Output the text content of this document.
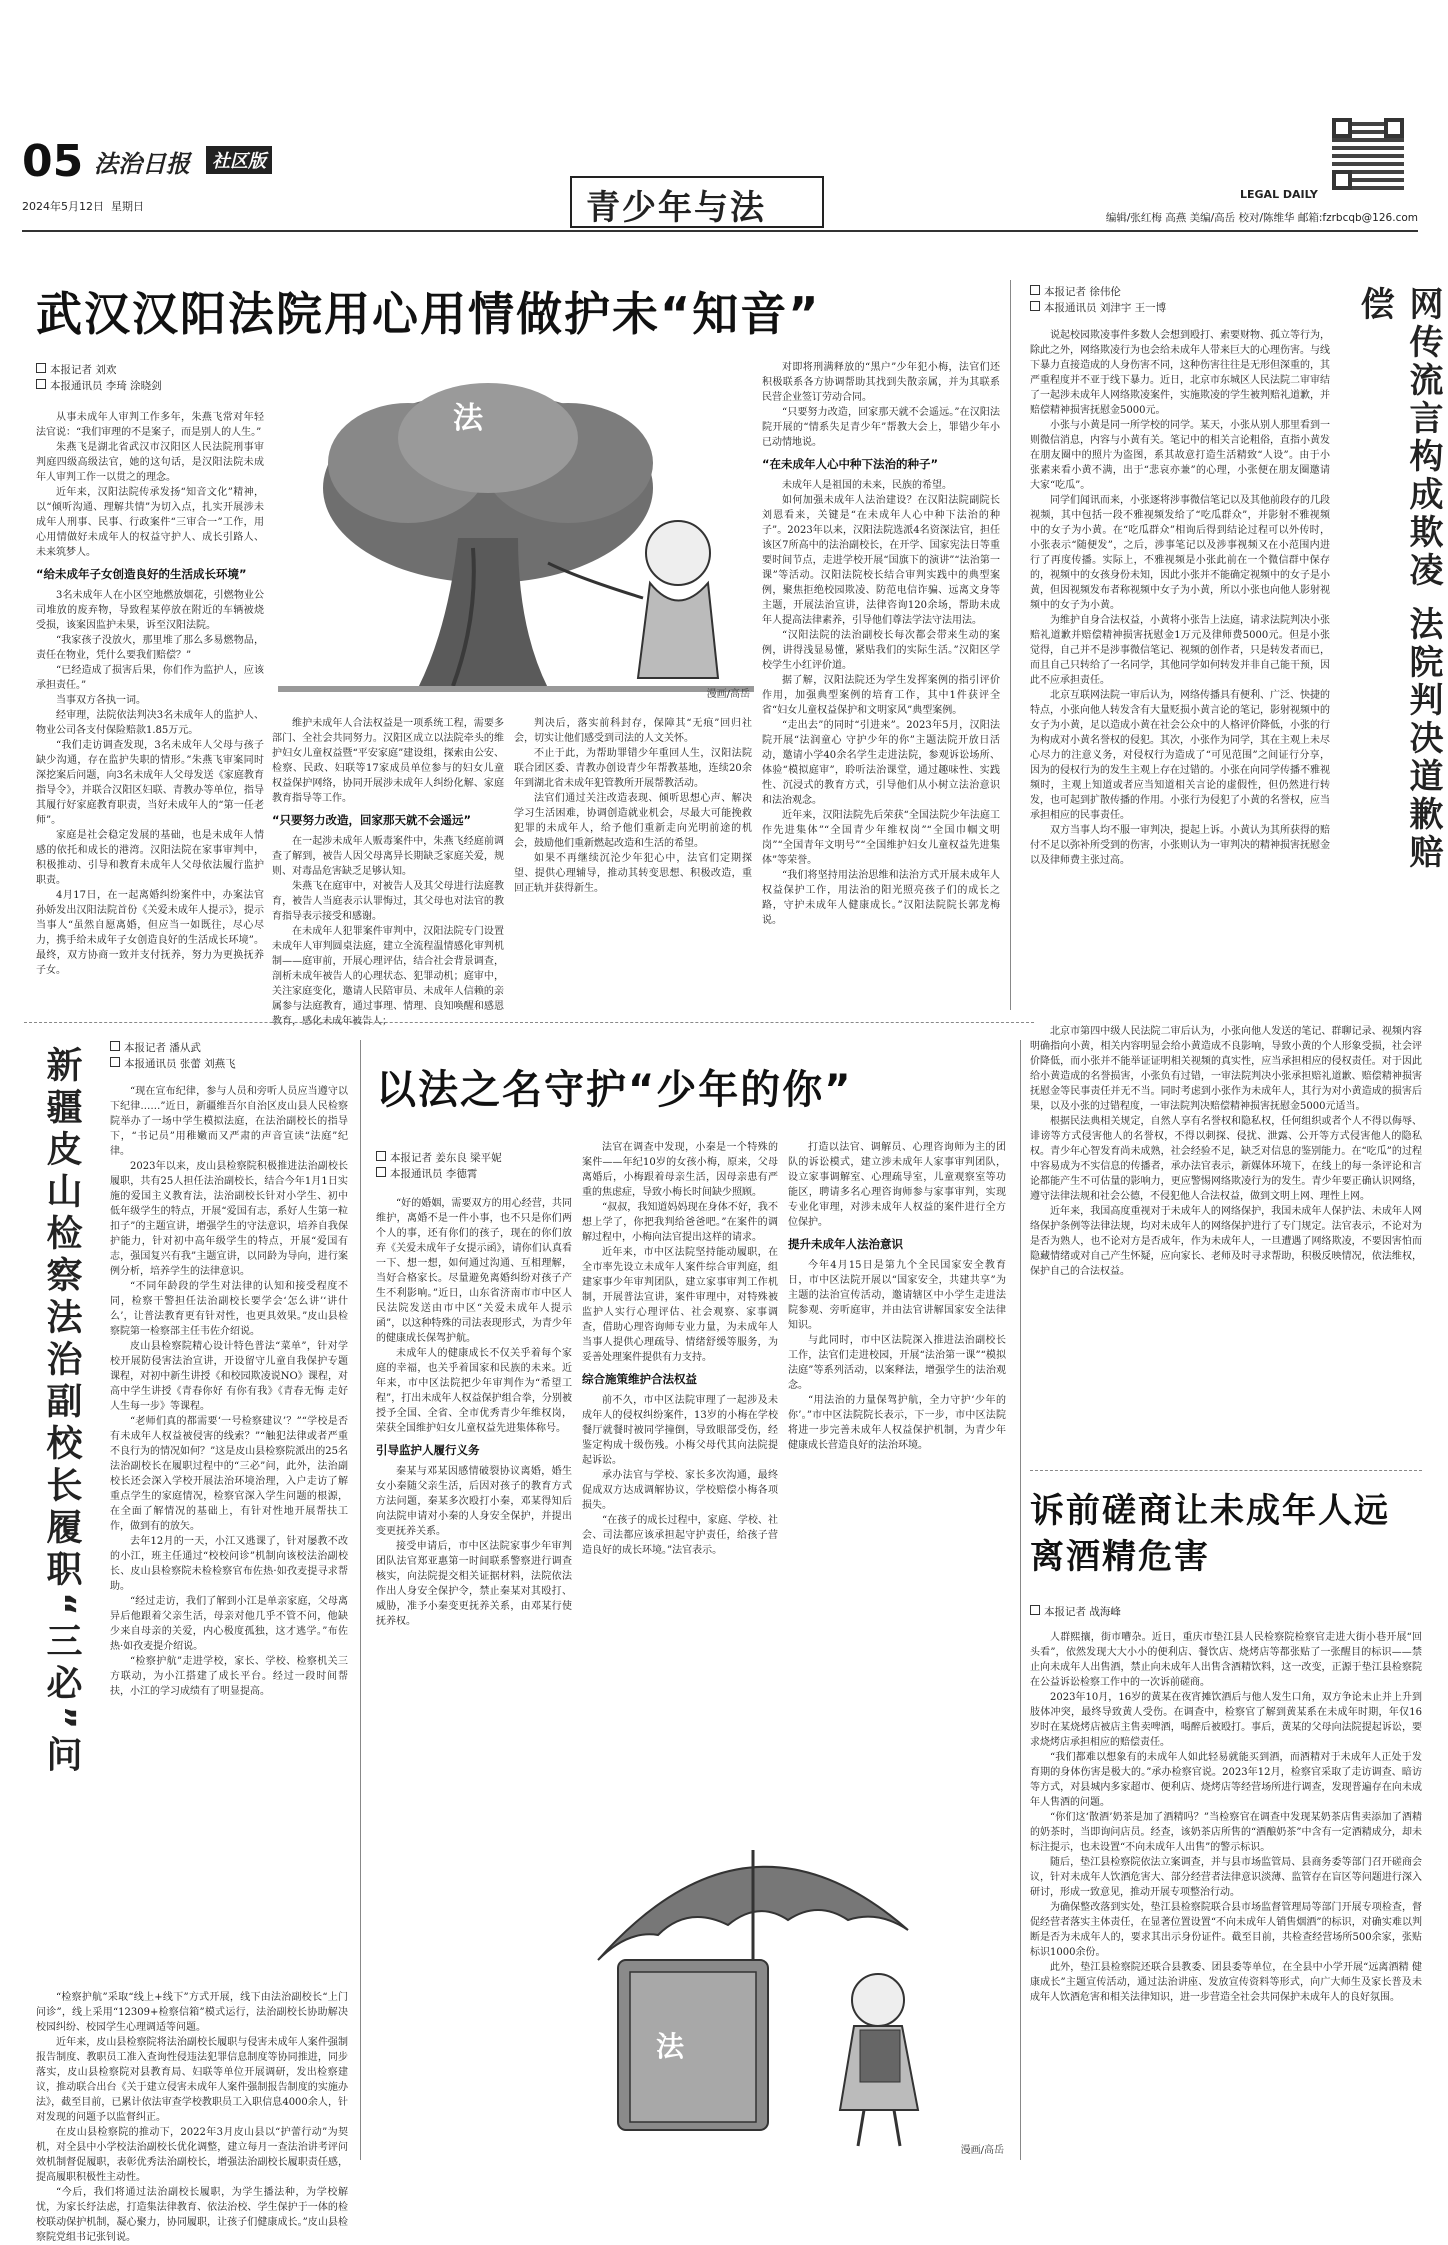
05 法治日报	社区版
2024年5月12日 星期日	青少年与法	LEGAL DAILY
编辑/张红梅 高燕 美编/高岳 校对/陈维华 邮箱:fzrbcqb@126.com
武汉汉阳法院用心用情做护未“知音”
本报记者 刘欢
本报通讯员 李琦 涂晓剑

从事未成年人审判工作多年，朱燕飞常对年轻法官说：“我们审理的不是案子，而是别人的人生。”

朱燕飞是湖北省武汉市汉阳区人民法院刑事审判庭四级高级法官，她的这句话，是汉阳法院未成年人审判工作一以贯之的理念。

近年来，汉阳法院传承发扬“知音文化”精神，以“倾听沟通、理解共情”为切入点，扎实开展涉未成年人刑事、民事、行政案件“三审合一”工作，用心用情做好未成年人的权益守护人、成长引路人、未来筑梦人。

“给未成年子女创造良好的生活成长环境”

3名未成年人在小区空地燃放烟花，引燃物业公司堆放的废弃物，导致程某停放在附近的车辆被烧受损，该案因监护未果，诉至汉阳法院。

“我家孩子没放火，那里堆了那么多易燃物品，责任在物业，凭什么要我们赔偿？”

“已经造成了损害后果，你们作为监护人，应该承担责任。”

当事双方各执一词。

经审理，法院依法判决3名未成年人的监护人、物业公司各支付保险赔款1.85万元。

“我们走访调查发现，3名未成年人父母与孩子缺少沟通，存在监护失职的情形。”朱燕飞审案同时深挖案后问题，向3名未成年人父母发送《家庭教育指导令》，并联合汉阳区妇联、青教办等单位，指导其履行好家庭教育职责，当好未成年人的“第一任老师”。

家庭是社会稳定发展的基础，也是未成年人情感的依托和成长的港湾。汉阳法院在家事审判中，积极推动、引导和教育未成年人父母依法履行监护职责。

4月17日，在一起离婚纠纷案件中，办案法官孙娇发出汉阳法院首份《关爱未成年人提示》，提示当事人“虽然自愿离婚，但应当一如既往，尽心尽力，携手给未成年子女创造良好的生活成长环境”。最终，双方协商一致并支付抚养，努力为更换抚养子女。

法
漫画/高岳

维护未成年人合法权益是一项系统工程，需要多部门、全社会共同努力。汉阳区成立以法院牵头的维护妇女儿童权益暨“平安家庭”建设组，探索由公安、检察、民政、妇联等17家成员单位参与的妇女儿童权益保护网络，协同开展涉未成年人纠纷化解、家庭教育指导等工作。

“只要努力改造，回家那天就不会遥远”

在一起涉未成年人贩毒案件中，朱燕飞经庭前调查了解到，被告人因父母离异长期缺乏家庭关爱，规则、对毒品危害缺乏足够认知。

朱燕飞在庭审中，对被告人及其父母进行法庭教育，被告人当庭表示认罪悔过，其父母也对法官的教育指导表示接受和感谢。

在未成年人犯罪案件审判中，汉阳法院专门设置未成年人审判圆桌法庭，建立全流程温情感化审判机制——庭审前，开展心理评估，结合社会背景调查，剖析未成年被告人的心理状态、犯罪动机；庭审中，关注家庭变化，邀请人民陪审员、未成年人信赖的亲属参与法庭教育，通过事理、情理、良知唤醒和感恩教育，感化未成年被告人；

判决后，落实前科封存，保障其“无痕”回归社会，切实让他们感受到司法的人文关怀。

不止于此，为帮助罪错少年重回人生，汉阳法院联合团区委、青教办创设青少年帮教基地，连续20余年到湖北省未成年犯管教所开展帮教活动。

法官们通过关注改造表现、倾听思想心声、解决学习生活困难，协调创造就业机会，尽最大可能挽救犯罪的未成年人，给予他们重新走向光明前途的机会，鼓励他们重新燃起改造和生活的希望。

如果不再继续沉沦少年犯心中，法官们定期探望、提供心理辅导，推动其转变思想、积极改造，重回正轨并获得新生。

对即将刑满释放的“黑户”少年犯小梅，法官们还积极联系各方协调帮助其找到失散亲属，并为其联系民营企业签订劳动合同。

“只要努力改造，回家那天就不会遥远。”在汉阳法院开展的“情系失足青少年”帮教大会上，罪错少年小已动情地说。

“在未成年人心中种下法治的种子”

未成年人是祖国的未来，民族的希望。

如何加强未成年人法治建设？在汉阳法院副院长刘恩看来，关键是“在未成年人心中种下法治的种子”。2023年以来，汉阳法院选派4名资深法官，担任该区7所高中的法治副校长，在开学、国家宪法日等重要时间节点，走进学校开展“国旗下的演讲”“法治第一课”等活动。汉阳法院校长结合审判实践中的典型案例，聚焦拒绝校园欺凌、防范电信诈骗、远离文身等主题，开展法治宣讲，法律咨询120余场，帮助未成年人提高法律素养，引导他们尊法学法守法用法。

“汉阳法院的法治副校长每次都会带来生动的案例，讲得浅显易懂，紧贴我们的实际生活。”汉阳区学校学生小红评价道。

据了解，汉阳法院还为学生发挥案例的指引评价作用，加强典型案例的培育工作，其中1件获评全省“妇女儿童权益保护和文明家风”典型案例。

“走出去”的同时“引进来”。2023年5月，汉阳法院开展“法润童心 守护少年的你”主题法院开放日活动，邀请小学40余名学生走进法院，参观诉讼场所、体验“模拟庭审”，聆听法治课堂，通过趣味性、实践性、沉浸式的教育方式，引导他们从小树立法治意识和法治观念。

近年来，汉阳法院先后荣获“全国法院少年法庭工作先进集体”“全国青少年维权岗”“全国巾帼文明岗”“全国青年文明号”“全国维护妇女儿童权益先进集体”等荣誉。

“我们将坚持用法治思维和法治方式开展未成年人权益保护工作，用法治的阳光照亮孩子们的成长之路，守护未成年人健康成长。”汉阳法院院长郭龙梅说。

本报记者 徐伟伦
本报通讯员 刘津宇 王一博	网传流言构成欺凌 法院判决道歉赔偿

说起校园欺凌事件多数人会想到殴打、索要财物、孤立等行为，除此之外，网络欺凌行为也会给未成年人带来巨大的心理伤害。与线下暴力直接造成的人身伤害不同，这种伤害往往是无形但深重的，其严重程度并不亚于线下暴力。近日，北京市东城区人民法院二审审结了一起涉未成年人网络欺凌案件，实施欺凌的学生被判赔礼道歉，并赔偿精神损害抚慰金5000元。

小张与小黄是同一所学校的同学。某天，小张从别人那里看到一则微信消息，内容与小黄有关。笔记中的相关言论粗俗，直指小黄发在朋友圈中的照片为盗图，系其故意打造生活精致“人设”。由于小张素来看小黄不满，出于“悲哀亦兼”的心理，小张便在朋友圈邀请大家“吃瓜”。

同学们闻讯而来，小张逐将涉事微信笔记以及其他前段存的几段视频，其中包括一段不雅视频发给了“吃瓜群众”，并影射不雅视频中的女子为小黄。在“吃瓜群众”相询后得到结论过程可以外传时，小张表示“随便发”，之后，涉事笔记以及涉事视频又在小范围内进行了再度传播。实际上，不雅视频是小张此前在一个微信群中保存的，视频中的女孩身份未知，因此小张并不能确定视频中的女子是小黄，但因视频发布者称视频中女子为小黄，所以小张也向他人影射视频中的女子为小黄。

为维护自身合法权益，小黄将小张告上法庭，请求法院判决小张赔礼道歉并赔偿精神损害抚慰金1万元及律师费5000元。但是小张觉得，自己并不是涉事微信笔记、视频的创作者，只是转发者而已，而且自己只转给了一名同学，其他同学如何转发并非自己能干预，因此不应承担责任。

北京互联网法院一审后认为，网络传播具有便利、广泛、快捷的特点，小张向他人转发含有大量贬损小黄言论的笔记，影射视频中的女子为小黄，足以造成小黄在社会公众中的人格评价降低，小张的行为构成对小黄名誉权的侵犯。其次，小张作为同学，其在主观上未尽心尽力的注意义务，对侵权行为造成了“可见范围”之间证行分享，因为的侵权行为的发生主观上存在过错的。小张在向同学传播不雅视频时，主观上知道或者应当知道相关言论的虚假性，但仍然进行转发，也可起到扩散传播的作用。小张行为侵犯了小黄的名誉权，应当承担相应的民事责任。

双方当事人均不服一审判决，提起上诉。小黄认为其所获得的赔付不足以弥补所受到的伤害，小张则认为一审判决的精神损害抚慰金以及律师费主张过高。

北京市第四中级人民法院二审后认为，小张向他人发送的笔记、群聊记录、视频内容明确指向小黄，相关内容明显会给小黄造成不良影响，导致小黄的个人形象受损，社会评价降低，而小张并不能举证证明相关视频的真实性，应当承担相应的侵权责任。对于因此给小黄造成的名誉损害，小张负有过错，一审法院判决小张承担赔礼道歉、赔偿精神损害抚慰金等民事责任并无不当。同时考虑到小张作为未成年人，其行为对小黄造成的损害后果，以及小张的过错程度，一审法院判决赔偿精神损害抚慰金5000元适当。

根据民法典相关规定，自然人享有名誉权和隐私权，任何组织或者个人不得以侮辱、诽谤等方式侵害他人的名誉权，不得以刺探、侵扰、泄露、公开等方式侵害他人的隐私权。青少年心智发育尚未成熟，社会经验不足，缺乏对信息的鉴别能力。在“吃瓜”的过程中容易成为不实信息的传播者，承办法官表示，新媒体环境下，在线上的每一条评论和言论都能产生不可估量的影响力，更应警惕网络欺凌行为的发生。青少年要正确认识网络，遵守法律法规和社会公德，不侵犯他人合法权益，做到文明上网、理性上网。

近年来，我国高度重视对于未成年人的网络保护，我国未成年人保护法、未成年人网络保护条例等法律法规，均对未成年人的网络保护进行了专门规定。法官表示，不论对为是否为熟人，也不论对方是否成年，作为未成年人，一旦遭遇了网络欺凌，不要因害怕而隐藏情绪或对自己产生怀疑，应向家长、老师及时寻求帮助，积极反映情况，依法维权，保护自己的合法权益。

新疆皮山检察法治副校长履职“三必”问	本报记者 潘从武
本报通讯员 张蕾 刘燕飞

“现在宣布纪律，参与人员和旁听人员应当遵守以下纪律……”近日，新疆维吾尔自治区皮山县人民检察院举办了一场中学生模拟法庭，在法治副校长的指导下，“书记员”用稚嫩而又严肃的声音宣读“法庭”纪律。

2023年以来，皮山县检察院积极推进法治副校长履职，共有25人担任法治副校长，结合今年1月1日实施的爱国主义教育法，法治副校长针对小学生、初中低年级学生的特点，开展“爱国有志，系好人生第一粒扣子”的主题宣讲，增强学生的守法意识，培养自我保护能力，针对初中高年级学生的特点，开展“爱国有志，强国复兴有我”主题宣讲，以同龄为导向，进行案例分析，培养学生的法律意识。

“不同年龄段的学生对法律的认知和接受程度不同，检察干警担任法治副校长要学会‘怎么讲’‘讲什么’，让普法教育更有针对性，也更具效果。”皮山县检察院第一检察部主任韦佐介绍说。

皮山县检察院精心设计特色普法“菜单”，针对学校开展防侵害法治宣讲，开设留守儿童自我保护专题课程，对初中新生讲授《和校园欺凌说NO》课程，对高中学生讲授《青春你好 有你有我》《青春无悔 走好人生每一步》等课程。

“老师们真的都需要‘一号检察建议’？”“学校是否有未成年人权益被侵害的线索？”“触犯法律或者严重不良行为的情况如何？”这是皮山县检察院派出的25名法治副校长在履职过程中的“三必”问，此外，法治副校长还会深入学校开展法治环境治理，入户走访了解重点学生的家庭情况，检察官深入学生问题的根源，在全面了解情况的基础上，有针对性地开展帮扶工作，做到有的放矢。

去年12月的一天，小江又逃课了，针对屡教不改的小江，班主任通过“校校问诊”机制向该校法治副校长、皮山县检察院未检检察官布佐热·如孜麦提寻求帮助。

“经过走访，我们了解到小江是单亲家庭，父母离异后他跟着父亲生活，母亲对他几乎不管不问，他缺少来自母亲的关爱，内心极度孤独，这才逃学。”布佐热·如孜麦提介绍说。

“检察护航”走进学校，家长、学校、检察机关三方联动，为小江搭建了成长平台。经过一段时间帮扶，小江的学习成绩有了明显提高。

“检察护航”采取“线上+线下”方式开展，线下由法治副校长“上门问诊”，线上采用“12309+检察信箱”模式运行，法治副校长协助解决校园纠纷、校园学生心理调适等问题。

近年来，皮山县检察院将法治副校长履职与侵害未成年人案件强制报告制度、教职员工准入查询性侵违法犯罪信息制度等协同推进，同步落实，皮山县检察院对县教育局、妇联等单位开展调研，发出检察建议，推动联合出台《关于建立侵害未成年人案件强制报告制度的实施办法》，截至目前，已累计依法审查学校教职员工入职信息4000余人，针对发现的问题予以监督纠正。

在皮山县检察院的推动下，2022年3月皮山县以“护蕾行动”为契机，对全县中小学校法治副校长优化调整，建立每月一查法治讲考评问效机制督促履职，表彰优秀法治副校长，增强法治副校长履职责任感，提高履职积极性主动性。

“今后，我们将通过法治副校长履职，为学生播法种，为学校解忧，为家长纾法虑，打造集法律教育、依法治校、学生保护于一体的检校联动保护机制，凝心聚力，协同履职，让孩子们健康成长。”皮山县检察院党组书记张钊说。

以法之名守护“少年的你”
本报记者 姜东良 梁平妮
本报通讯员 李德霄

“好的婚姻，需要双方的用心经营，共同维护，离婚不是一件小事，也不只是你们两个人的事，还有你们的孩子，现在的你们放弃《关爱未成年子女提示函》，请你们认真看一下、想一想，如何通过沟通、互相理解，当好合格家长。尽量避免离婚纠纷对孩子产生不利影响。”近日，山东省济南市市中区人民法院发送由市中区“关爱未成年人提示函”，以这种特殊的司法表现形式，为青少年的健康成长保驾护航。

未成年人的健康成长不仅关乎着每个家庭的幸福，也关乎着国家和民族的未来。近年来，市中区法院把少年审判作为“希望工程”，打出未成年人权益保护组合拳，分别被授予全国、全省、全市优秀青少年维权岗，荣获全国维护妇女儿童权益先进集体称号。

引导监护人履行义务

秦某与邓某因感情破裂协议离婚，婚生女小秦随父亲生活，后因对孩子的教育方式方法问题，秦某多次殴打小秦，邓某得知后向法院申请对小秦的人身安全保护，并提出变更抚养关系。

接受申请后，市中区法院家事少年审判团队法官郑亚惠第一时间联系警察进行调查核实，向法院提交相关证据材料，法院依法作出人身安全保护令，禁止秦某对其殴打、威胁，准予小秦变更抚养关系，由邓某行使抚养权。

法官在调查中发现，小秦是一个特殊的案件——年纪10岁的女孩小梅，原来，父母离婚后，小梅跟着母亲生活，因母亲患有严重的焦虑症，导致小梅长时间缺少照顾。

“叔叔，我知道妈妈现在身体不好，我不想上学了，你把我判给爸爸吧。”在案件的调解过程中，小梅向法官提出这样的请求。

近年来，市中区法院坚持能动履职，在全市率先设立未成年人案件综合审判庭，组建家事少年审判团队，建立家事审判工作机制，开展普法宣讲，案件审理中，对特殊被监护人实行心理评估、社会观察、家事调查，借助心理咨询师专业力量，为未成年人当事人提供心理疏导、情绪舒缓等服务，为妥善处理案件提供有力支持。

综合施策维护合法权益

前不久，市中区法院审理了一起涉及未成年人的侵权纠纷案件，13岁的小梅在学校餐厅就餐时被同学撞倒，导致眼部受伤，经鉴定构成十级伤残。小梅父母代其向法院提起诉讼。

承办法官与学校、家长多次沟通，最终促成双方达成调解协议，学校赔偿小梅各项损失。

“在孩子的成长过程中，家庭、学校、社会、司法都应该承担起守护责任，给孩子营造良好的成长环境。”法官表示。

打造以法官、调解员、心理咨询师为主的团队的诉讼模式，建立涉未成年人家事审判团队，设立家事调解室、心理疏导室，儿童观察室等功能区，聘请多名心理咨询师参与家事审判，实现专业化审理，对涉未成年人权益的案件进行全方位保护。

提升未成年人法治意识

今年4月15日是第九个全民国家安全教育日，市中区法院开展以“国家安全，共建共享”为主题的法治宣传活动，邀请辖区中小学生走进法院参观、旁听庭审，并由法官讲解国家安全法律知识。

与此同时，市中区法院深入推进法治副校长工作，法官们走进校园，开展“法治第一课”“模拟法庭”等系列活动，以案释法，增强学生的法治观念。

“用法治的力量保驾护航，全力守护‘少年的你’。”市中区法院院长表示，下一步，市中区法院将进一步完善未成年人权益保护机制，为青少年健康成长营造良好的法治环境。

法
漫画/高岳
诉前磋商让未成年人远离酒精危害
本报记者 战海峰

人群熙攘，街市嘈杂。近日，重庆市垫江县人民检察院检察官走进大街小巷开展“回头看”，依然发现大大小小的便利店、餐饮店、烧烤店等都张贴了一张醒目的标识——禁止向未成年人出售酒，禁止向未成年人出售含酒精饮料，这一改变，正源于垫江县检察院在公益诉讼检察工作中的一次诉前磋商。

2023年10月，16岁的黄某在夜宵摊饮酒后与他人发生口角，双方争论未止并上升到肢体冲突，最终导致黄人受伤。在调查中，检察官了解到黄某系在未成年时期，年仅16岁时在某烧烤店被店主售卖啤酒，喝醉后被殴打。事后，黄某的父母向法院提起诉讼，要求烧烤店承担相应的赔偿责任。

“我们都难以想象有的未成年人如此轻易就能买到酒，而酒精对于未成年人正处于发育期的身体伤害是极大的。”承办检察官说。2023年12月，检察官采取了走访调查、暗访等方式，对县城内多家超市、便利店、烧烤店等经营场所进行调查，发现普遍存在向未成年人售酒的问题。

“你们这‘散酒’奶茶是加了酒精吗？”当检察官在调查中发现某奶茶店售卖添加了酒精的奶茶时，当即询问店员。经查，该奶茶店所售的“酒酿奶茶”中含有一定酒精成分，却未标注提示，也未设置“不向未成年人出售”的警示标识。

随后，垫江县检察院依法立案调查，并与县市场监管局、县商务委等部门召开磋商会议，针对未成年人饮酒危害大、部分经营者法律意识淡薄、监管存在盲区等问题进行深入研讨，形成一致意见，推动开展专项整治行动。

为确保整改落到实处，垫江县检察院联合县市场监督管理局等部门开展专项检查，督促经营者落实主体责任，在显著位置设置“不向未成年人销售烟酒”的标识，对确实难以判断是否为未成年人的，要求其出示身份证件。截至目前，共检查经营场所500余家，张贴标识1000余份。

此外，垫江县检察院还联合县教委、团县委等单位，在全县中小学开展“远离酒精 健康成长”主题宣传活动，通过法治讲座、发放宣传资料等形式，向广大师生及家长普及未成年人饮酒危害和相关法律知识，进一步营造全社会共同保护未成年人的良好氛围。
